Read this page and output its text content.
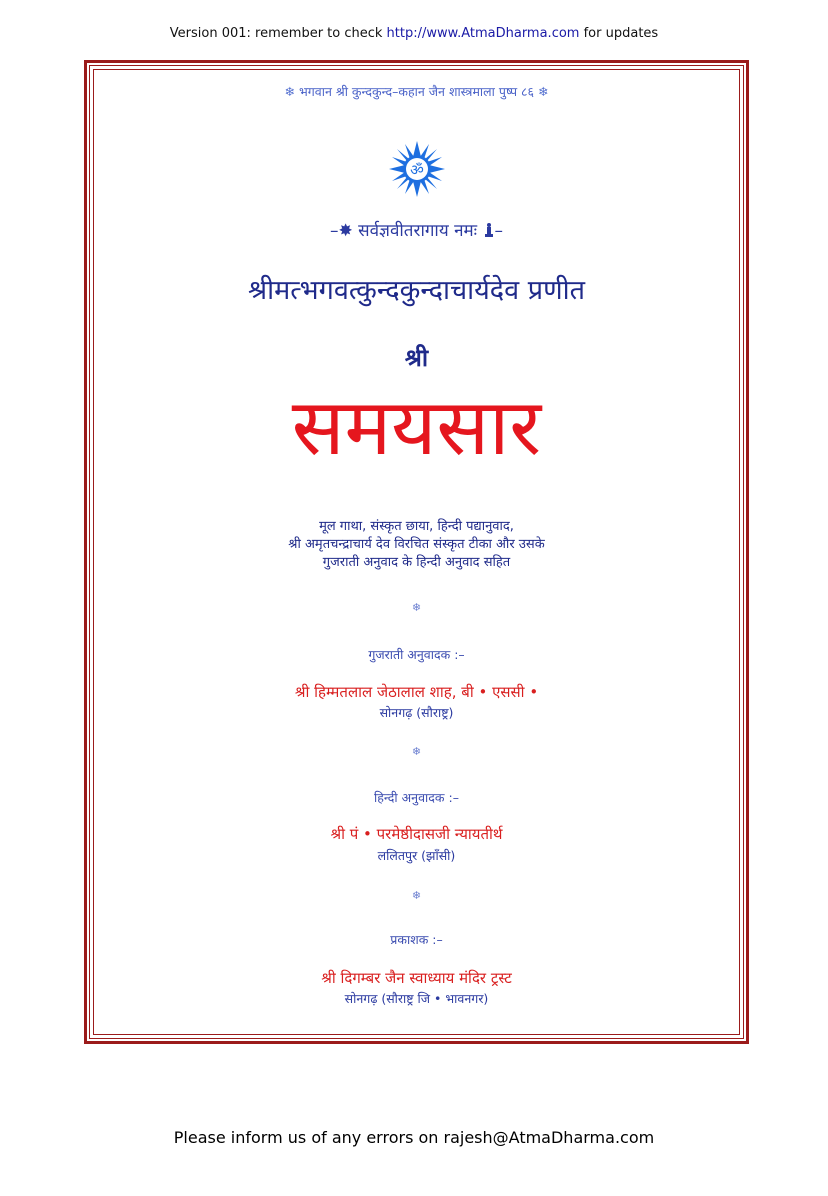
Version 001: remember to check http://www.AtmaDharma.com for updates
❄ भगवान श्री कुन्दकुन्द–कहान जैन शास्त्रमाला पुष्प ८६ ❄
ॐ
–✸ सर्वज्ञवीतरागाय नमः –
श्रीमत्भगवत्कुन्दकुन्दाचार्यदेव प्रणीत
श्री
समयसार
मूल गाथा, संस्कृत छाया, हिन्दी पद्यानुवाद,
श्री अमृतचन्द्राचार्य देव विरचित संस्कृत टीका और उसके
गुजराती अनुवाद के हिन्दी अनुवाद सहित
❄
गुजराती अनुवादक :–
श्री हिम्मतलाल जेठालाल शाह, बी • एससी •
सोनगढ़ (सौराष्ट्र)
❄
हिन्दी अनुवादक :–
श्री पं • परमेष्ठीदासजी न्यायतीर्थ
ललितपुर (झाँसी)
❄
प्रकाशक :–
श्री दिगम्बर जैन स्वाध्याय मंदिर ट्रस्ट
सोनगढ़ (सौराष्ट्र जि • भावनगर)
Please inform us of any errors on rajesh@AtmaDharma.com
